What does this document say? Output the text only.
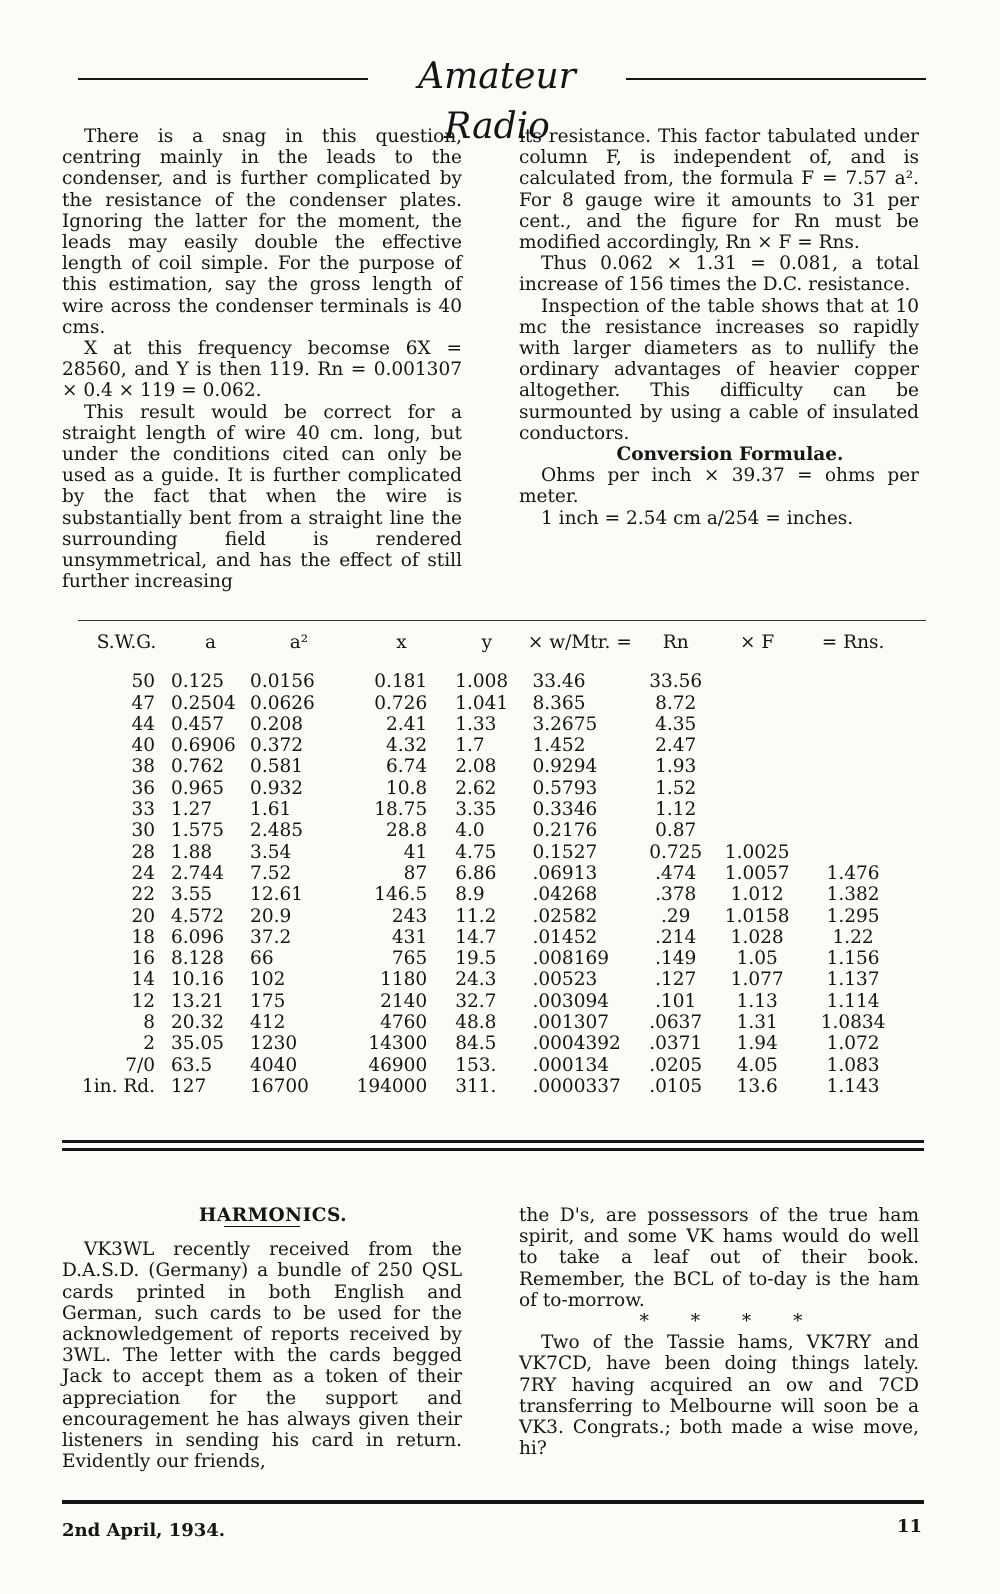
Amateur Radio

There is a snag in this question, centring mainly in the leads to the condenser, and is further complicated by the resistance of the condenser plates. Ignoring the latter for the moment, the leads may easily double the effective length of coil simple. For the purpose of this estimation, say the gross length of wire across the condenser terminals is 40 cms.

X at this frequency becomse 6X = 28560, and Y is then 119. Rn = 0.001307 × 0.4 × 119 = 0.062.

This result would be correct for a straight length of wire 40 cm. long, but under the conditions cited can only be used as a guide. It is further complicated by the fact that when the wire is substantially bent from a straight line the surrounding field is rendered unsymmetrical, and has the effect of still further increasing

its resistance. This factor tabulated under column F, is independent of, and is calculated from, the formula F = 7.57 a². For 8 gauge wire it amounts to 31 per cent., and the figure for Rn must be modified accordingly, Rn × F = Rns.

Thus 0.062 × 1.31 = 0.081, a total increase of 156 times the D.C. resistance.

Inspection of the table shows that at 10 mc the resistance increases so rapidly with larger diameters as to nullify the ordinary advantages of heavier copper altogether. This difficulty can be surmounted by using a cable of insulated conductors.

Conversion Formulae.

Ohms per inch × 39.37 = ohms per meter.

1 inch = 2.54 cm a/254 = inches.

S.W.G.	a	a²	x	y	× w/Mtr. =	Rn	× F	= Rns.
50	0.125	0.0156	0.181	1.008	33.46	33.56		
47	0.2504	0.0626	0.726	1.041	8.365	8.72		
44	0.457	0.208	2.41	1.33	3.2675	4.35		
40	0.6906	0.372	4.32	1.7	1.452	2.47		
38	0.762	0.581	6.74	2.08	0.9294	1.93		
36	0.965	0.932	10.8	2.62	0.5793	1.52		
33	1.27	1.61	18.75	3.35	0.3346	1.12		
30	1.575	2.485	28.8	4.0	0.2176	0.87		
28	1.88	3.54	41	4.75	0.1527	0.725	1.0025	
24	2.744	7.52	87	6.86	.06913	.474	1.0057	1.476
22	3.55	12.61	146.5	8.9	.04268	.378	1.012	1.382
20	4.572	20.9	243	11.2	.02582	.29	1.0158	1.295
18	6.096	37.2	431	14.7	.01452	.214	1.028	1.22
16	8.128	66	765	19.5	.008169	.149	1.05	1.156
14	10.16	102	1180	24.3	.00523	.127	1.077	1.137
12	13.21	175	2140	32.7	.003094	.101	1.13	1.114
8	20.32	412	4760	48.8	.001307	.0637	1.31	1.0834
2	35.05	1230	14300	84.5	.0004392	.0371	1.94	1.072
7/0	63.5	4040	46900	153.	.000134	.0205	4.05	1.083
1in. Rd.	127	16700	194000	311.	.0000337	.0105	13.6	1.143

HARMONICS.

VK3WL recently received from the D.A.S.D. (Germany) a bundle of 250 QSL cards printed in both English and German, such cards to be used for the acknowledgement of reports received by 3WL. The letter with the cards begged Jack to accept them as a token of their appreciation for the support and encouragement he has always given their listeners in sending his card in return. Evidently our friends,

the D's, are possessors of the true ham spirit, and some VK hams would do well to take a leaf out of their book. Remember, the BCL of to-day is the ham of to-morrow.

* * * *

Two of the Tassie hams, VK7RY and VK7CD, have been doing things lately. 7RY having acquired an ow and 7CD transferring to Melbourne will soon be a VK3. Congrats.; both made a wise move, hi?

2nd April, 1934.	11
